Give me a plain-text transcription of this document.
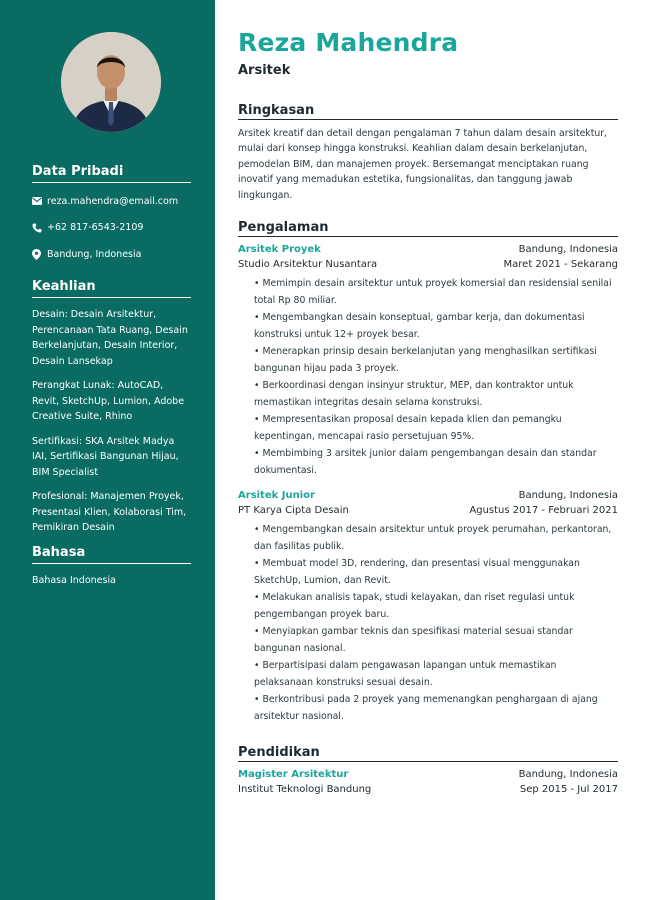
Data Pribadi
reza.mahendra@email.com
+62 817-6543-2109
Bandung, Indonesia
Keahlian
Desain: Desain Arsitektur, Perencanaan Tata Ruang, Desain Berkelanjutan, Desain Interior, Desain Lansekap
Perangkat Lunak: AutoCAD, Revit, SketchUp, Lumion, Adobe Creative Suite, Rhino
Sertifikasi: SKA Arsitek Madya IAI, Sertifikasi Bangunan Hijau, BIM Specialist
Profesional: Manajemen Proyek, Presentasi Klien, Kolaborasi Tim, Pemikiran Desain
Bahasa
Bahasa Indonesia
Reza Mahendra
Arsitek
Ringkasan
Arsitek kreatif dan detail dengan pengalaman 7 tahun dalam desain arsitektur, mulai dari konsep hingga konstruksi. Keahlian dalam desain berkelanjutan, pemodelan BIM, dan manajemen proyek. Bersemangat menciptakan ruang inovatif yang memadukan estetika, fungsionalitas, dan tanggung jawab lingkungan.
Pengalaman
Arsitek Proyek	Bandung, Indonesia
Studio Arsitektur Nusantara	Maret 2021 - Sekarang
• Memimpin desain arsitektur untuk proyek komersial dan residensial senilai total Rp 80 miliar.
• Mengembangkan desain konseptual, gambar kerja, dan dokumentasi konstruksi untuk 12+ proyek besar.
• Menerapkan prinsip desain berkelanjutan yang menghasilkan sertifikasi bangunan hijau pada 3 proyek.
• Berkoordinasi dengan insinyur struktur, MEP, dan kontraktor untuk memastikan integritas desain selama konstruksi.
• Mempresentasikan proposal desain kepada klien dan pemangku kepentingan, mencapai rasio persetujuan 95%.
• Membimbing 3 arsitek junior dalam pengembangan desain dan standar dokumentasi.
Arsitek Junior	Bandung, Indonesia
PT Karya Cipta Desain	Agustus 2017 - Februari 2021
• Mengembangkan desain arsitektur untuk proyek perumahan, perkantoran, dan fasilitas publik.
• Membuat model 3D, rendering, dan presentasi visual menggunakan SketchUp, Lumion, dan Revit.
• Melakukan analisis tapak, studi kelayakan, dan riset regulasi untuk pengembangan proyek baru.
• Menyiapkan gambar teknis dan spesifikasi material sesuai standar bangunan nasional.
• Berpartisipasi dalam pengawasan lapangan untuk memastikan pelaksanaan konstruksi sesuai desain.
• Berkontribusi pada 2 proyek yang memenangkan penghargaan di ajang arsitektur nasional.
Pendidikan
Magister Arsitektur	Bandung, Indonesia
Institut Teknologi Bandung	Sep 2015 - Jul 2017
